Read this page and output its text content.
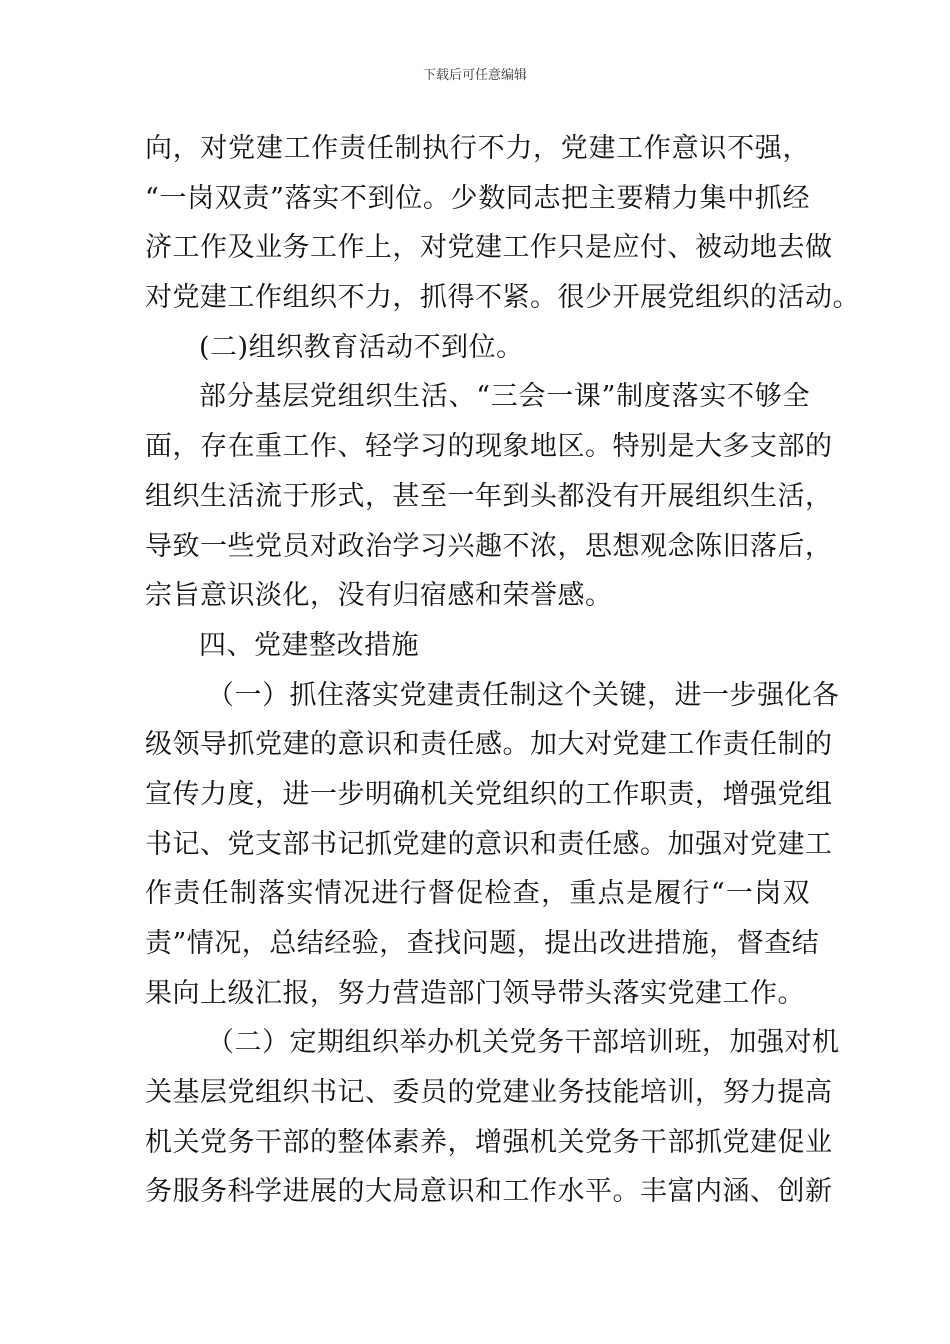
下载后可任意编辑
向，对党建工作责任制执行不力，党建工作意识不强，
“一岗双责”落实不到位。少数同志把主要精力集中抓经
济工作及业务工作上，对党建工作只是应付、被动地去做
对党建工作组织不力，抓得不紧。很少开展党组织的活动。
(二)组织教育活动不到位。
部分基层党组织生活、“三会一课”制度落实不够全
面，存在重工作、轻学习的现象地区。特别是大多支部的
组织生活流于形式，甚至一年到头都没有开展组织生活，
导致一些党员对政治学习兴趣不浓，思想观念陈旧落后，
宗旨意识淡化，没有归宿感和荣誉感。
四、党建整改措施
（一）抓住落实党建责任制这个关键，进一步强化各
级领导抓党建的意识和责任感。加大对党建工作责任制的
宣传力度，进一步明确机关党组织的工作职责，增强党组
书记、党支部书记抓党建的意识和责任感。加强对党建工
作责任制落实情况进行督促检查，重点是履行“一岗双
责”情况，总结经验，查找问题，提出改进措施，督查结
果向上级汇报，努力营造部门领导带头落实党建工作。
（二）定期组织举办机关党务干部培训班，加强对机
关基层党组织书记、委员的党建业务技能培训，努力提高
机关党务干部的整体素养，增强机关党务干部抓党建促业
务服务科学进展的大局意识和工作水平。丰富内涵、创新
